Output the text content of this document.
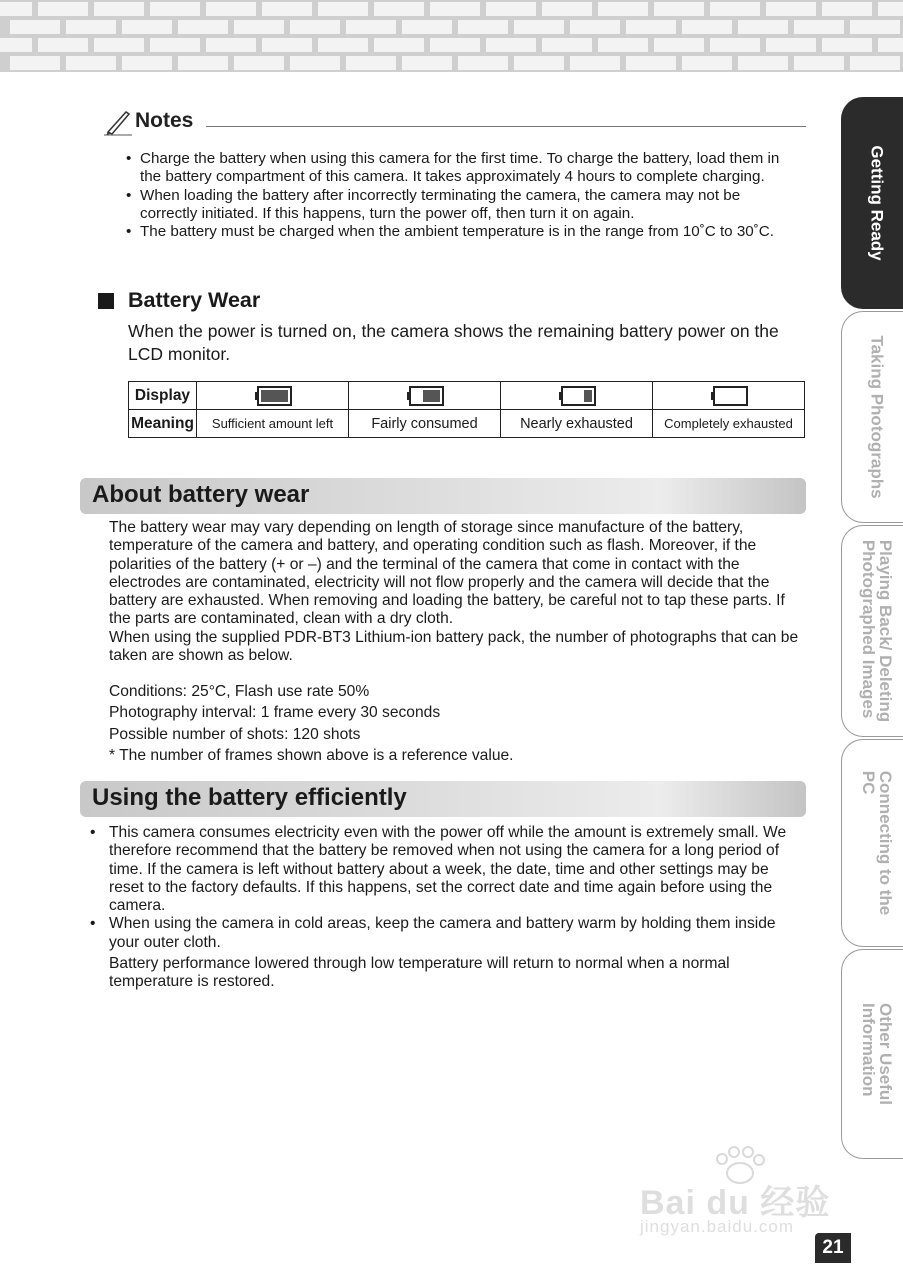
Notes
• Charge the battery when using this camera for the first time. To charge the battery, load them in the battery compartment of this camera. It takes approximately 4 hours to complete charging.
• When loading the battery after incorrectly terminating the camera, the camera may not be correctly initiated. If this happens, turn the power off, then turn it on again.
• The battery must be charged when the ambient temperature is in the range from 10˚C to 30˚C.
Battery Wear
When the power is turned on, the camera shows the remaining battery power on the LCD monitor.
Display	

Meaning	Sufficient amount left	Fairly consumed	Nearly exhausted	Completely exhausted
About battery wear

The battery wear may vary depending on length of storage since manufacture of the battery, temperature of the camera and battery, and operating condition such as flash. Moreover, if the polarities of the battery (+ or –) and the terminal of the camera that come in contact with the electrodes are contaminated, electricity will not flow properly and the camera will decide that the battery are exhausted. When removing and loading the battery, be careful not to tap these parts. If the parts are contaminated, clean with a dry cloth.

When using the supplied PDR-BT3 Lithium-ion battery pack, the number of photographs that can be taken are shown as below.

Conditions: 25°C, Flash use rate 50%
Photography interval: 1 frame every 30 seconds
Possible number of shots: 120 shots
* The number of frames shown above is a reference value.
Using the battery efficiently
• This camera consumes electricity even with the power off while the amount is extremely small. We therefore recommend that the battery be removed when not using the camera for a long period of time. If the camera is left without battery about a week, the date, time and other settings may be reset to the factory defaults. If this happens, set the correct date and time again before using the camera.

• When using the camera in cold areas, keep the camera and battery warm by holding them inside your outer cloth.

Battery performance lowered through low temperature will return to normal when a normal temperature is restored.

Getting Ready
Taking Photographs
Playing Back/ Deleting
Photographed Images
Connecting to the
PC
Other Useful
Information
Bai du 经验
jingyan.baidu.com
21
